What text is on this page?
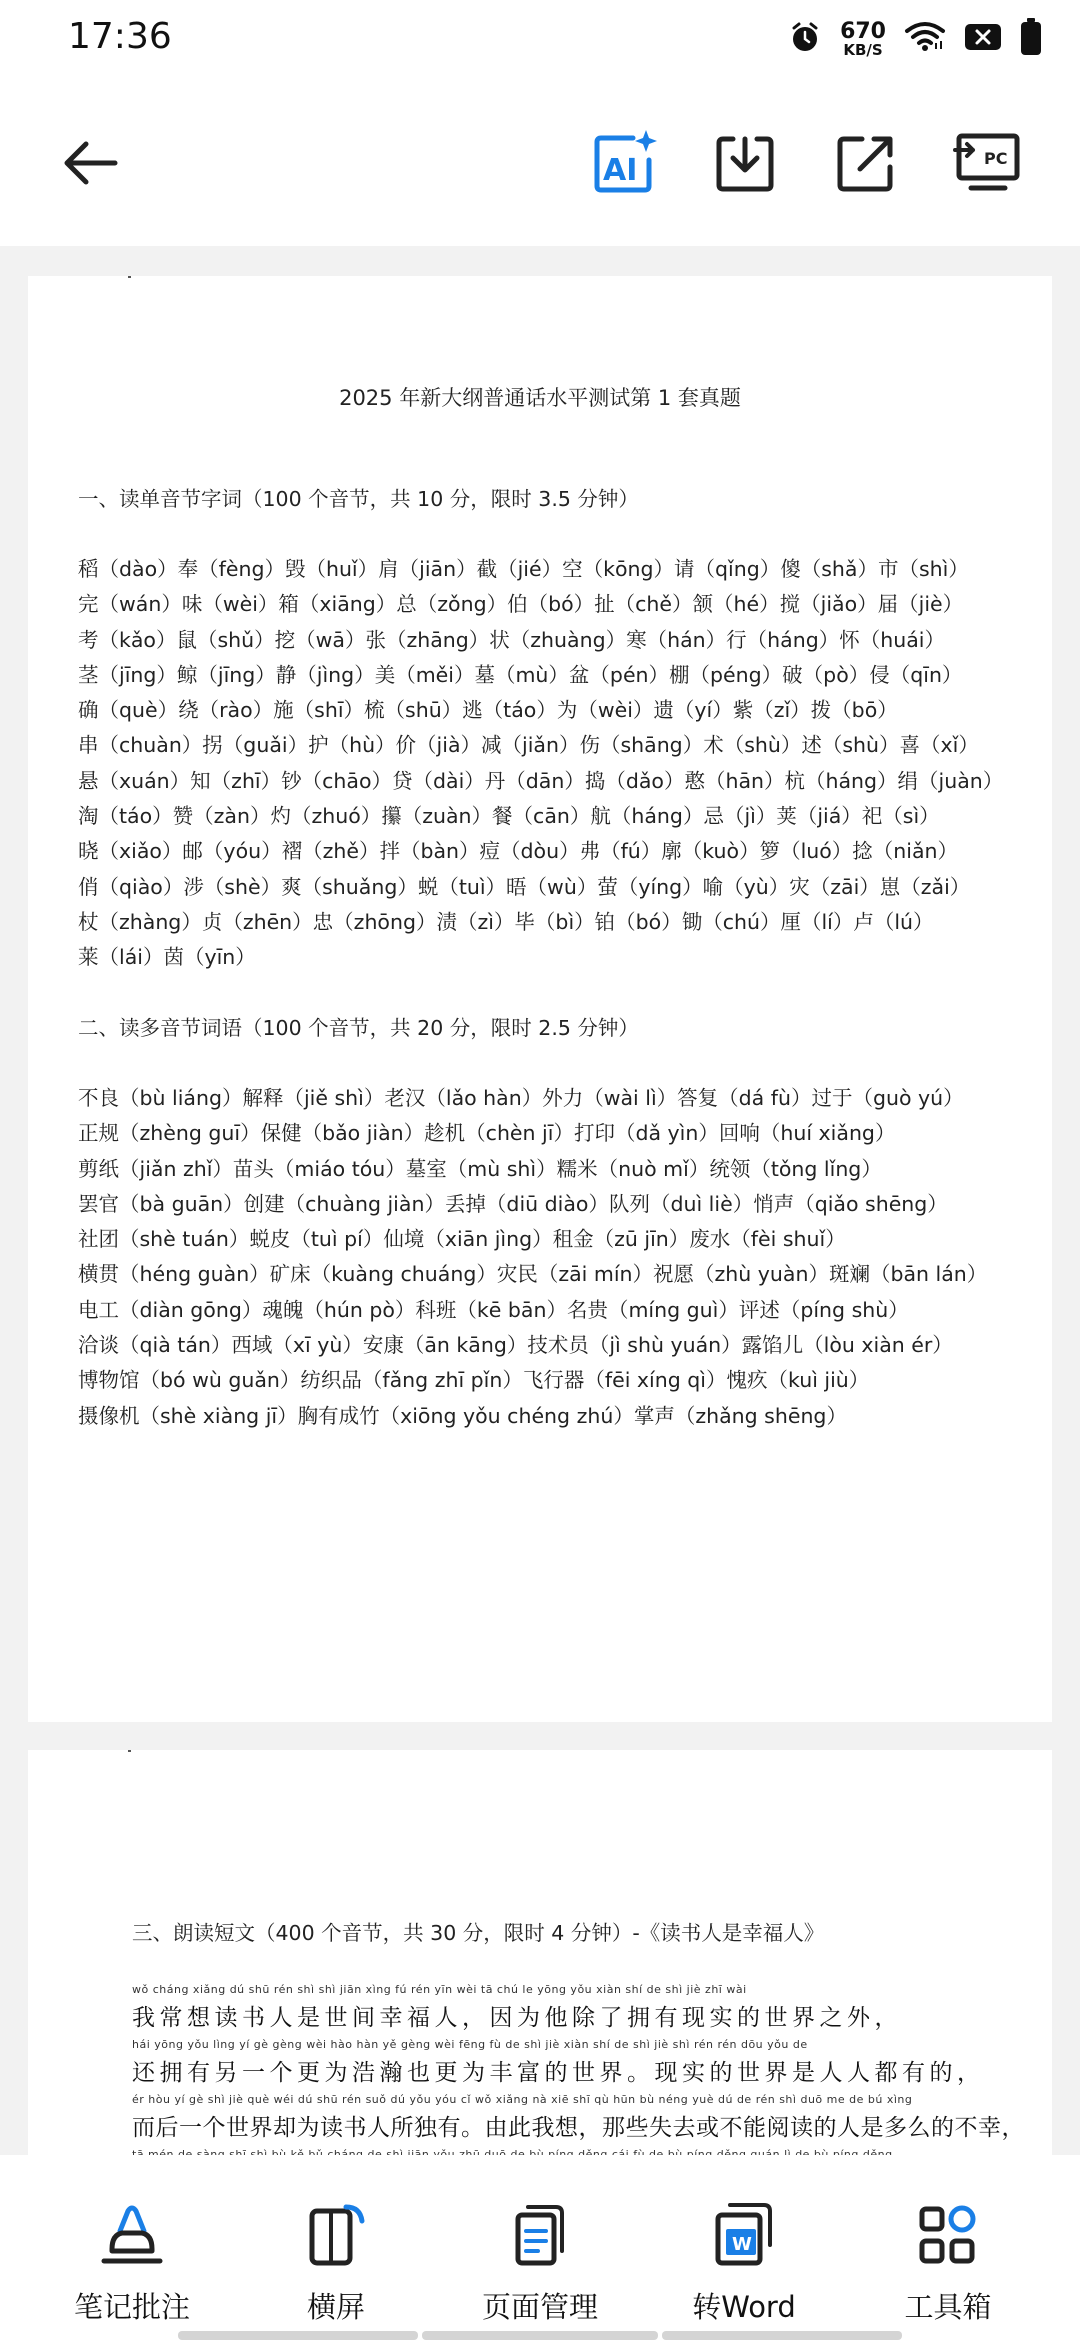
17:36	670
KB/S
AI	PC
2025 年新大纲普通话水平测试第 1 套真题
一、读单音节字词（100 个音节，共 10 分，限时 3.5 分钟）
稻（dào）奉（fèng）毁（huǐ）肩（jiān）截（jié）空（kōng）请（qǐng）傻（shǎ）市（shì）
完（wán）味（wèi）箱（xiāng）总（zǒng）伯（bó）扯（chě）颔（hé）搅（jiǎo）届（jiè）
考（kǎo）鼠（shǔ）挖（wā）张（zhāng）状（zhuàng）寒（hán）行（háng）怀（huái）
茎（jīng）鲸（jīng）静（jìng）美（měi）墓（mù）盆（pén）棚（péng）破（pò）侵（qīn）
确（què）绕（rào）施（shī）梳（shū）逃（táo）为（wèi）遗（yí）紫（zǐ）拨（bō）
串（chuàn）拐（guǎi）护（hù）价（jià）减（jiǎn）伤（shāng）术（shù）述（shù）喜（xǐ）
悬（xuán）知（zhī）钞（chāo）贷（dài）丹（dān）捣（dǎo）憨（hān）杭（háng）绢（juàn）
淘（táo）赞（zàn）灼（zhuó）攥（zuàn）餐（cān）航（háng）忌（jì）荚（jiá）祀（sì）
晓（xiǎo）邮（yóu）褶（zhě）拌（bàn）痘（dòu）弗（fú）廓（kuò）箩（luó）捻（niǎn）
俏（qiào）涉（shè）爽（shuǎng）蜕（tuì）晤（wù）萤（yíng）喻（yù）灾（zāi）崽（zǎi）
杖（zhàng）贞（zhēn）忠（zhōng）渍（zì）毕（bì）铂（bó）锄（chú）厘（lí）卢（lú）
莱（lái）茵（yīn）
二、读多音节词语（100 个音节，共 20 分，限时 2.5 分钟）
不良（bù liáng）解释（jiě shì）老汉（lǎo hàn）外力（wài lì）答复（dá fù）过于（guò yú）
正规（zhèng guī）保健（bǎo jiàn）趁机（chèn jī）打印（dǎ yìn）回响（huí xiǎng）
剪纸（jiǎn zhǐ）苗头（miáo tóu）墓室（mù shì）糯米（nuò mǐ）统领（tǒng lǐng）
罢官（bà guān）创建（chuàng jiàn）丢掉（diū diào）队列（duì liè）悄声（qiǎo shēng）
社团（shè tuán）蜕皮（tuì pí）仙境（xiān jìng）租金（zū jīn）废水（fèi shuǐ）
横贯（héng guàn）矿床（kuàng chuáng）灾民（zāi mín）祝愿（zhù yuàn）斑斓（bān lán）
电工（diàn gōng）魂魄（hún pò）科班（kē bān）名贵（míng guì）评述（píng shù）
洽谈（qià tán）西域（xī yù）安康（ān kāng）技术员（jì shù yuán）露馅儿（lòu xiàn ér）
博物馆（bó wù guǎn）纺织品（fǎng zhī pǐn）飞行器（fēi xíng qì）愧疚（kuì jiù）
摄像机（shè xiàng jī）胸有成竹（xiōng yǒu chéng zhú）掌声（zhǎng shēng）
三、朗读短文（400 个音节，共 30 分，限时 4 分钟）-《读书人是幸福人》
wǒ cháng xiǎng dú shū rén shì shì jiān xìng fú rén yīn wèi tā chú le yōng yǒu xiàn shí de shì jiè zhī wài
我常想读书人是世间幸福人，因为他除了拥有现实的世界之外，
hái yōng yǒu lìng yí gè gèng wèi hào hàn yě gèng wèi fēng fù de shì jiè xiàn shí de shì jiè shì rén rén dōu yǒu de
还拥有另一个更为浩瀚也更为丰富的世界。现实的世界是人人都有的，
ér hòu yí gè shì jiè què wéi dú shū rén suǒ dú yǒu yóu cǐ wǒ xiǎng nà xiē shī qù hūn bù néng yuè dú de rén shì duō me de bú xìng
而后一个世界却为读书人所独有。由此我想，那些失去或不能阅读的人是多么的不幸，
笔记批注	横屏	页面管理
W
转Word	工具箱
